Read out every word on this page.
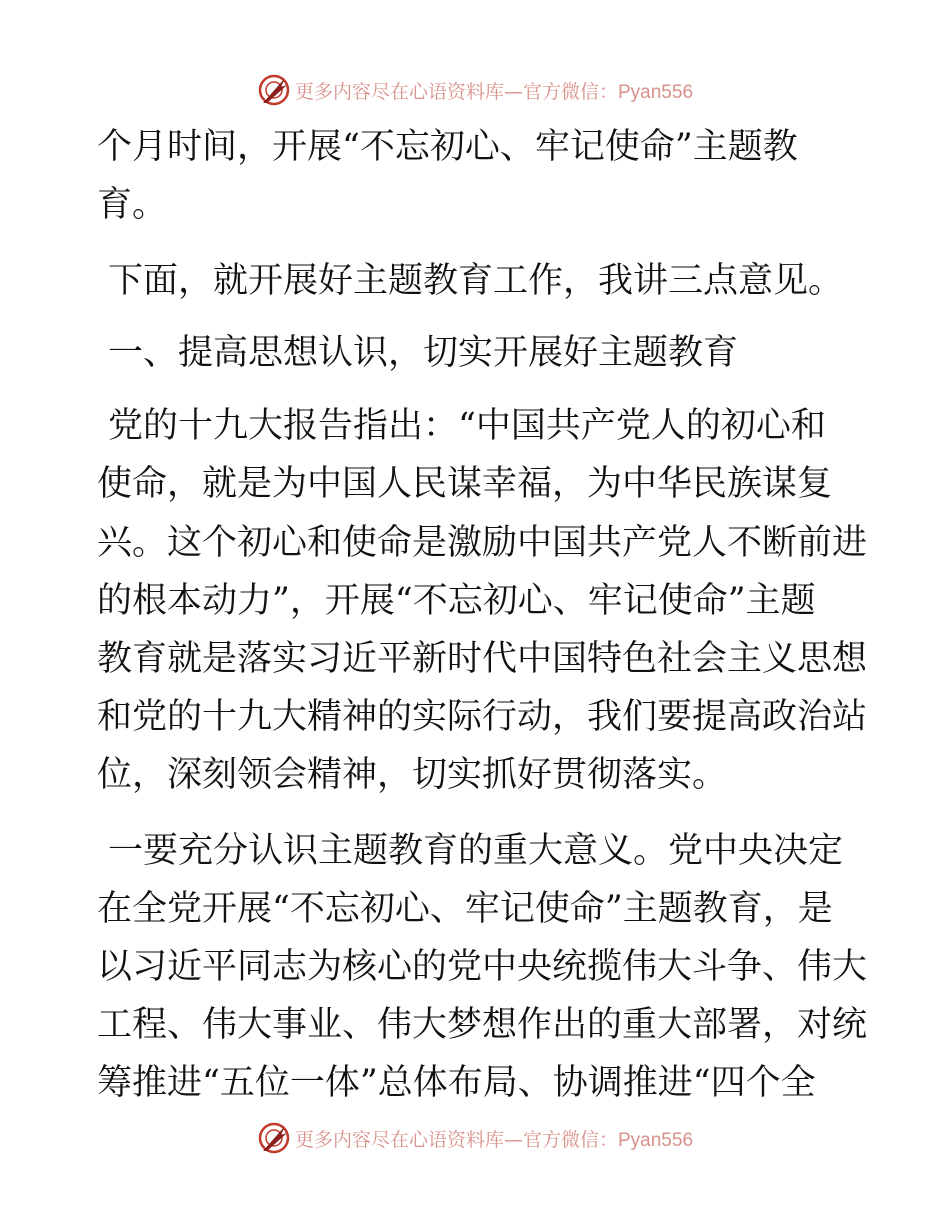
更多内容尽在心语资料库—官方微信：Pyan556
个月时间，开展“不忘初心、牢记使命”主题教
育。
下面，就开展好主题教育工作，我讲三点意见。
一、提高思想认识，切实开展好主题教育
党的十九大报告指出：“中国共产党人的初心和
使命，就是为中国人民谋幸福，为中华民族谋复
兴。这个初心和使命是激励中国共产党人不断前进
的根本动力”，开展“不忘初心、牢记使命”主题
教育就是落实习近平新时代中国特色社会主义思想
和党的十九大精神的实际行动，我们要提高政治站
位，深刻领会精神，切实抓好贯彻落实。
一要充分认识主题教育的重大意义。党中央决定
在全党开展“不忘初心、牢记使命”主题教育，是
以习近平同志为核心的党中央统揽伟大斗争、伟大
工程、伟大事业、伟大梦想作出的重大部署，对统
筹推进“五位一体”总体布局、协调推进“四个全
更多内容尽在心语资料库—官方微信：Pyan556
